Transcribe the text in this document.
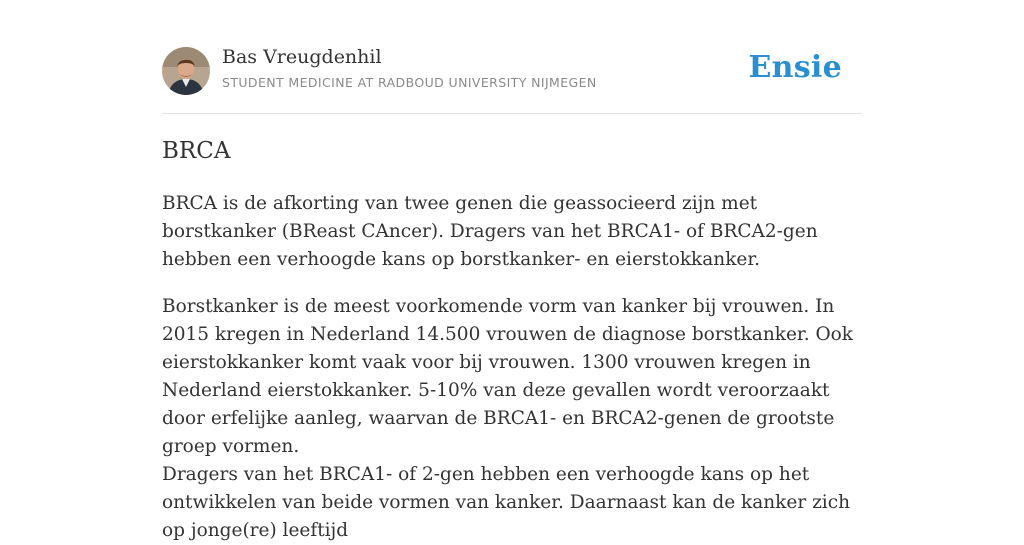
Bas Vreugdenhil
STUDENT MEDICINE AT RADBOUD UNIVERSITY NIJMEGEN	Ensie
BRCA

BRCA is de afkorting van twee genen die geassocieerd zijn met borstkanker (BReast CAncer). Dragers van het BRCA1- of BRCA2-gen hebben een verhoogde kans op borstkanker- en eierstokkanker.

Borstkanker is de meest voorkomende vorm van kanker bij vrouwen. In 2015 kregen in Nederland 14.500 vrouwen de diagnose borstkanker. Ook eierstokkanker komt vaak voor bij vrouwen. 1300 vrouwen kregen in Nederland eierstokkanker. 5-10% van deze gevallen wordt veroorzaakt door erfelijke aanleg, waarvan de BRCA1- en BRCA2-genen de grootste groep vormen.

Dragers van het BRCA1- of 2-gen hebben een verhoogde kans op het ontwikkelen van beide vormen van kanker. Daarnaast kan de kanker zich op jonge(re) leeftijd
